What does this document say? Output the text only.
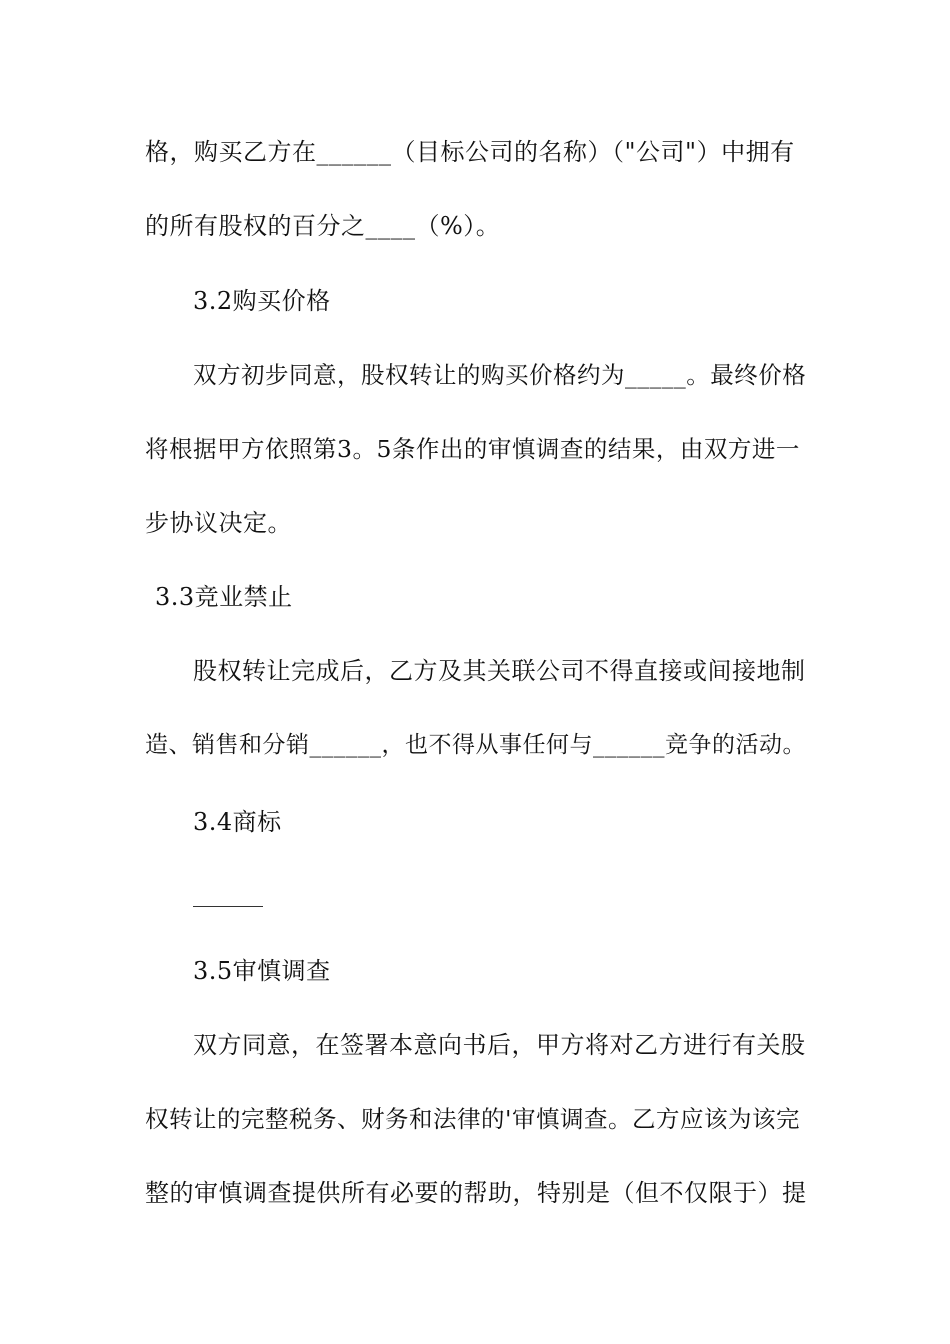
格，购买乙方在______（目标公司的名称）（"公司"）中拥有
的所有股权的百分之____（%）。
3.2购买价格
双方初步同意，股权转让的购买价格约为_____。最终价格
将根据甲方依照第3。5条作出的审慎调查的结果，由双方进一
步协议决定。
3.3竞业禁止
股权转让完成后，乙方及其关联公司不得直接或间接地制
造、销售和分销______，也不得从事任何与______竞争的活动。
3.4商标
3.5审慎调查
双方同意，在签署本意向书后，甲方将对乙方进行有关股
权转让的完整税务、财务和法律的'审慎调查。乙方应该为该完
整的审慎调查提供所有必要的帮助，特别是（但不仅限于）提
